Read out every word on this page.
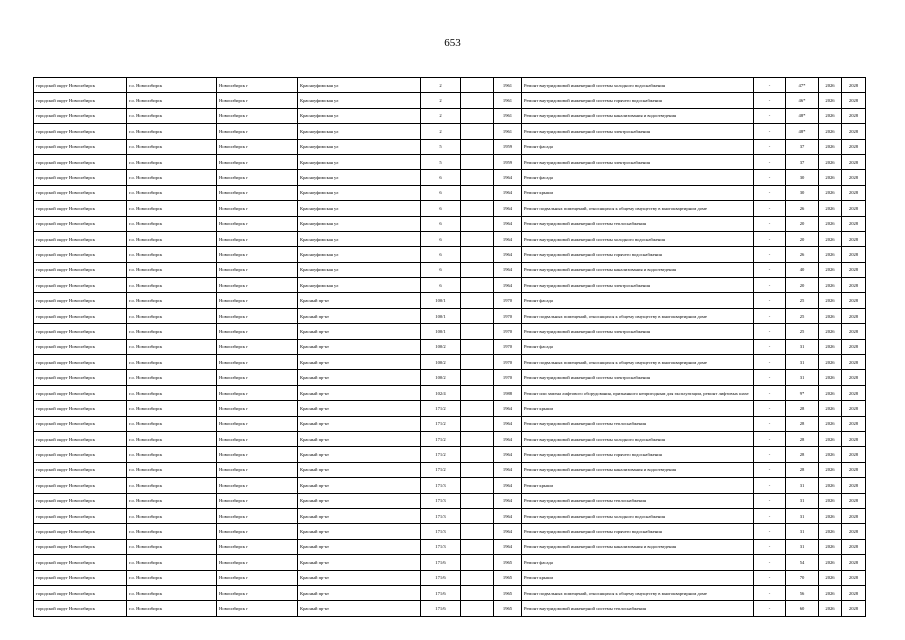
653
городской округ Новосибирск	г.о. Новосибирск	Новосибирск г	Красноуфимская ул	2		1961	Ремонт внутридомовой инженерной системы холодного водоснабжения	-	47*	2026	2028
городской округ Новосибирск	г.о. Новосибирск	Новосибирск г	Красноуфимская ул	2		1961	Ремонт внутридомовой инженерной системы горячего водоснабжения	-	46*	2026	2028
городской округ Новосибирск	г.о. Новосибирск	Новосибирск г	Красноуфимская ул	2		1961	Ремонт внутридомовой инженерной системы канализования и водоотведения	-	48*	2026	2028
городской округ Новосибирск	г.о. Новосибирск	Новосибирск г	Красноуфимская ул	2		1961	Ремонт внутридомовой инженерной системы электроснабжения	-	48*	2026	2028
городской округ Новосибирск	г.о. Новосибирск	Новосибирск г	Красноуфимская ул	5		1959	Ремонт фасада	-	37	2026	2028
городской округ Новосибирск	г.о. Новосибирск	Новосибирск г	Красноуфимская ул	5		1959	Ремонт внутридомовой инженерной системы электроснабжения	-	37	2026	2028
городской округ Новосибирск	г.о. Новосибирск	Новосибирск г	Красноуфимская ул	6		1964	Ремонт фасада	-	30	2026	2028
городской округ Новосибирск	г.о. Новосибирск	Новосибирск г	Красноуфимская ул	6		1964	Ремонт крыши	-	30	2026	2028
городской округ Новосибирск	г.о. Новосибирск	Новосибирск г	Красноуфимская ул	6		1964	Ремонт подвальных помещений, относящихся к общему имуществу в многоквартирном доме	-	26	2026	2028
городской округ Новосибирск	г.о. Новосибирск	Новосибирск г	Красноуфимская ул	6		1964	Ремонт внутридомовой инженерной системы теплоснабжения	-	20	2026	2028
городской округ Новосибирск	г.о. Новосибирск	Новосибирск г	Красноуфимская ул	6		1964	Ремонт внутридомовой инженерной системы холодного водоснабжения	-	20	2026	2028
городской округ Новосибирск	г.о. Новосибирск	Новосибирск г	Красноуфимская ул	6		1964	Ремонт внутридомовой инженерной системы горячего водоснабжения	-	26	2026	2028
городской округ Новосибирск	г.о. Новосибирск	Новосибирск г	Красноуфимская ул	6		1964	Ремонт внутридомовой инженерной системы канализования и водоотведения	-	40	2026	2028
городской округ Новосибирск	г.о. Новосибирск	Новосибирск г	Красноуфимская ул	6		1964	Ремонт внутридомовой инженерной системы электроснабжения	-	20	2026	2028
городской округ Новосибирск	г.о. Новосибирск	Новосибирск г	Красный пр-кт	100/1		1970	Ремонт фасада	-	25	2026	2028
городской округ Новосибирск	г.о. Новосибирск	Новосибирск г	Красный пр-кт	100/1		1970	Ремонт подвальных помещений, относящихся к общему имуществу в многоквартирном доме	-	25	2026	2028
городской округ Новосибирск	г.о. Новосибирск	Новосибирск г	Красный пр-кт	100/1		1970	Ремонт внутридомовой инженерной системы электроснабжения	-	25	2026	2028
городской округ Новосибирск	г.о. Новосибирск	Новосибирск г	Красный пр-кт	100/2		1970	Ремонт фасада	-	31	2026	2028
городской округ Новосибирск	г.о. Новосибирск	Новосибирск г	Красный пр-кт	100/2		1970	Ремонт подвальных помещений, относящихся к общему имуществу в многоквартирном доме	-	31	2026	2028
городской округ Новосибирск	г.о. Новосибирск	Новосибирск г	Красный пр-кт	100/2		1970	Ремонт внутридомовой инженерной системы электроснабжения	-	31	2026	2028
городской округ Новосибирск	г.о. Новосибирск	Новосибирск г	Красный пр-кт	102/4		1988	Ремонт или замена лифтового оборудования, признанного непригодным для эксплуатации, ремонт лифтовых шахт	-	9*	2026	2028
городской округ Новосибирск	г.о. Новосибирск	Новосибирск г	Красный пр-кт	171/2		1964	Ремонт крыши	-	28	2026	2028
городской округ Новосибирск	г.о. Новосибирск	Новосибирск г	Красный пр-кт	171/2		1964	Ремонт внутридомовой инженерной системы теплоснабжения	-	28	2026	2028
городской округ Новосибирск	г.о. Новосибирск	Новосибирск г	Красный пр-кт	171/2		1964	Ремонт внутридомовой инженерной системы холодного водоснабжения	-	28	2026	2028
городской округ Новосибирск	г.о. Новосибирск	Новосибирск г	Красный пр-кт	171/2		1964	Ремонт внутридомовой инженерной системы горячего водоснабжения	-	28	2026	2028
городской округ Новосибирск	г.о. Новосибирск	Новосибирск г	Красный пр-кт	171/2		1964	Ремонт внутридомовой инженерной системы канализования и водоотведения	-	28	2026	2028
городской округ Новосибирск	г.о. Новосибирск	Новосибирск г	Красный пр-кт	171/3		1964	Ремонт крыши	-	31	2026	2028
городской округ Новосибирск	г.о. Новосибирск	Новосибирск г	Красный пр-кт	171/3		1964	Ремонт внутридомовой инженерной системы теплоснабжения	-	31	2026	2028
городской округ Новосибирск	г.о. Новосибирск	Новосибирск г	Красный пр-кт	171/3		1964	Ремонт внутридомовой инженерной системы холодного водоснабжения	-	31	2026	2028
городской округ Новосибирск	г.о. Новосибирск	Новосибирск г	Красный пр-кт	171/3		1964	Ремонт внутридомовой инженерной системы горячего водоснабжения	-	31	2026	2028
городской округ Новосибирск	г.о. Новосибирск	Новосибирск г	Красный пр-кт	171/3		1964	Ремонт внутридомовой инженерной системы канализования и водоотведения	-	31	2026	2028
городской округ Новосибирск	г.о. Новосибирск	Новосибирск г	Красный пр-кт	171/6		1965	Ремонт фасада	-	54	2026	2028
городской округ Новосибирск	г.о. Новосибирск	Новосибирск г	Красный пр-кт	171/6		1965	Ремонт крыши	-	70	2026	2028
городской округ Новосибирск	г.о. Новосибирск	Новосибирск г	Красный пр-кт	171/6		1965	Ремонт подвальных помещений, относящихся к общему имуществу в многоквартирном доме	-	56	2026	2028
городской округ Новосибирск	г.о. Новосибирск	Новосибирск г	Красный пр-кт	171/6		1965	Ремонт внутридомовой инженерной системы теплоснабжения	-	60	2026	2028
